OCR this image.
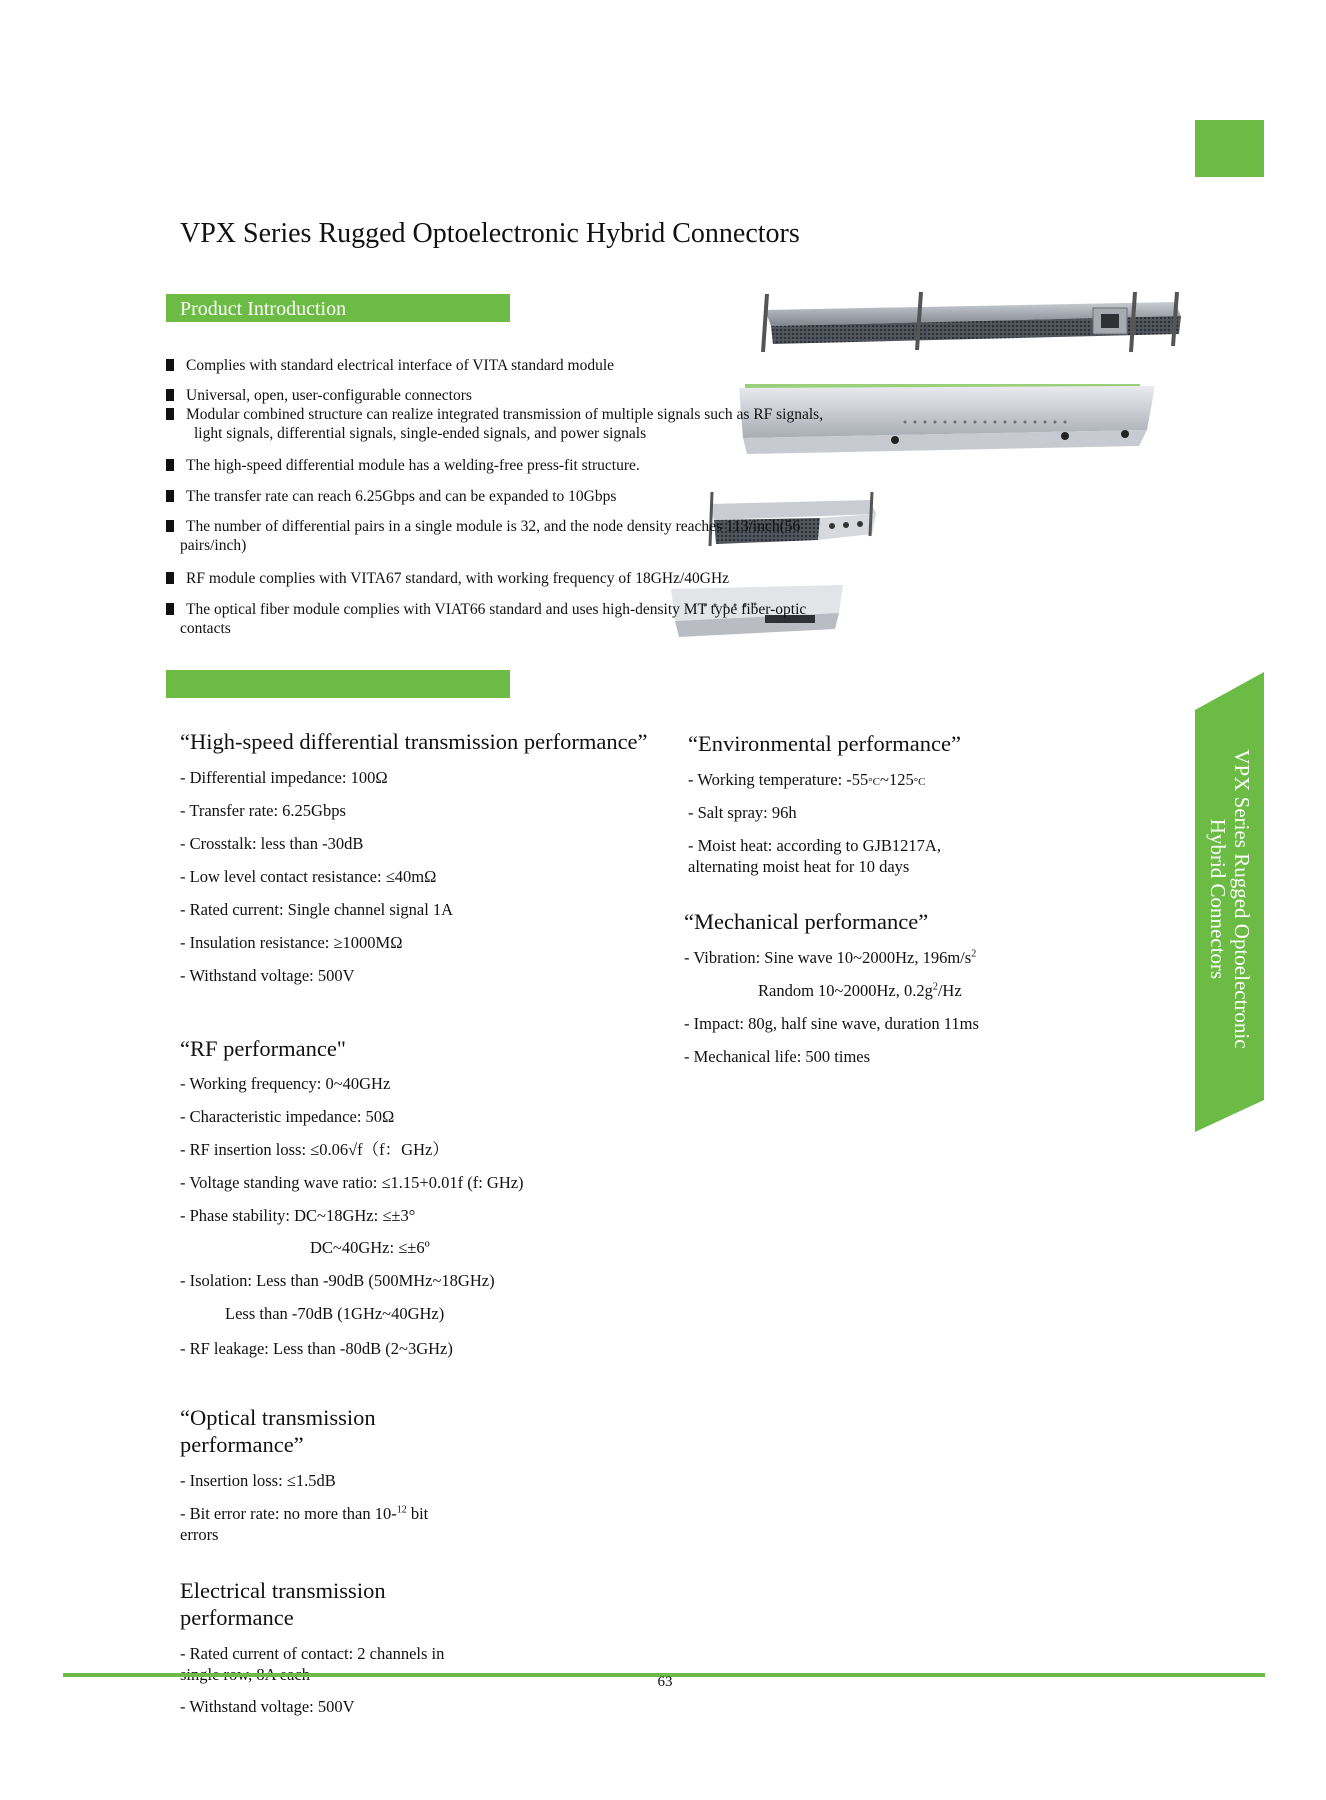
VPX Series Rugged Optoelectronic Hybrid Connectors
Product Introduction
Complies with standard electrical interface of VITA standard module
Universal, open, user-configurable connectors
Modular combined structure can realize integrated transmission of multiple signals such as RF signals,
light signals, differential signals, single-ended signals, and power signals
The high-speed differential module has a welding-free press-fit structure.
The transfer rate can reach 6.25Gbps and can be expanded to 10Gbps
The number of differential pairs in a single module is 32, and the node density reaches 113/inch(56
pairs/inch)
RF module complies with VITA67 standard, with working frequency of 18GHz/40GHz
The optical fiber module complies with VIAT66 standard and uses high-density MT type fiber-optic
contacts
“High-speed differential transmission performance”
- Differential impedance: 100Ω
- Transfer rate: 6.25Gbps
- Crosstalk: less than -30dB
- Low level contact resistance: ≤40mΩ
- Rated current: Single channel signal 1A
- Insulation resistance: ≥1000MΩ
- Withstand voltage: 500V
“RF performance"
- Working frequency: 0~40GHz
- Characteristic impedance: 50Ω
- RF insertion loss: ≤0.06√f（f：GHz）
- Voltage standing wave ratio: ≤1.15+0.01f (f: GHz)
- Phase stability: DC~18GHz: ≤±3°
DC~40GHz: ≤±6º
- Isolation: Less than -90dB (500MHz~18GHz)
Less than -70dB (1GHz~40GHz)
- RF leakage: Less than -80dB (2~3GHz)
“Optical transmission
performance”
- Insertion loss: ≤1.5dB
- Bit error rate: no more than 10-$^{12}$ bit
errors
Electrical transmission
performance
- Rated current of contact: 2 channels in
- Withstand voltage: 500V
“Environmental performance”
- Working temperature: -55°C~125°C
- Salt spray: 96h
- Moist heat: according to GJB1217A,
alternating moist heat for 10 days
“Mechanical performance”
- Vibration: Sine wave 10~2000Hz, $196m/s^2$
Random 10~2000Hz, $0.2g^2/Hz$
- Impact: 80g, half sine wave, duration 11ms
- Mechanical life: 500 times
VPX Series Rugged Optoelectronic
Hybrid Connectors
63
